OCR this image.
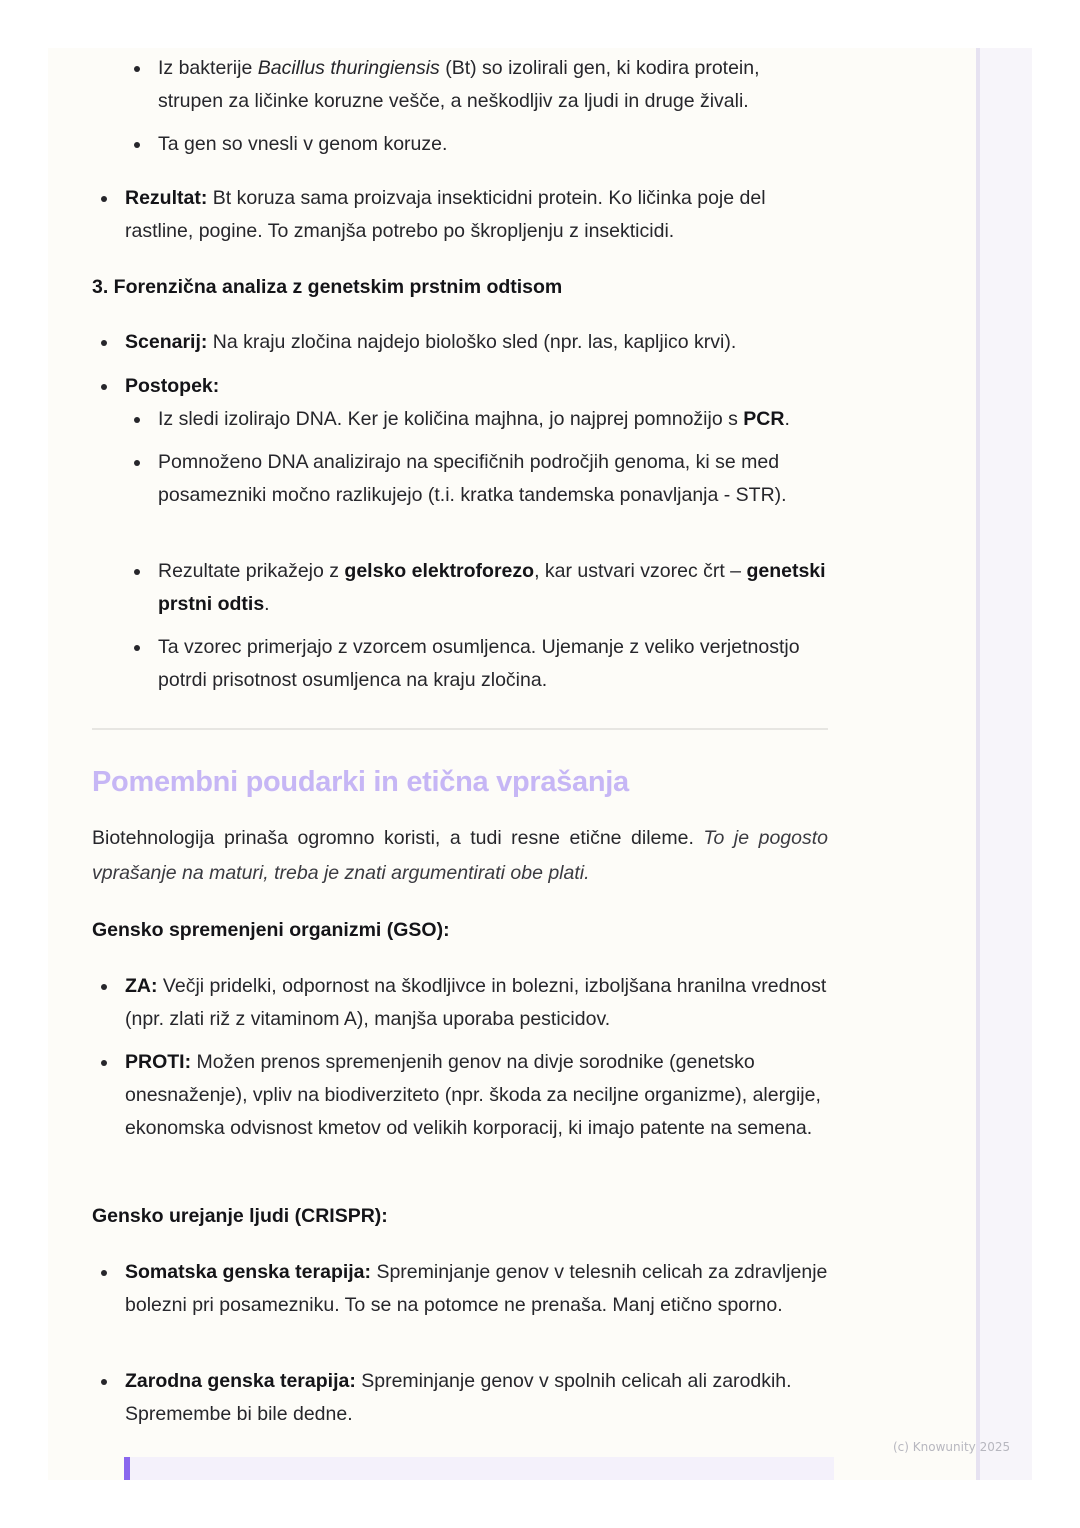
Iz bakterije Bacillus thuringiensis (Bt) so izolirali gen, ki kodira protein, strupen za ličinke koruzne vešče, a neškodljiv za ljudi in druge živali.
Ta gen so vnesli v genom koruze.
Rezultat: Bt koruza sama proizvaja insekticidni protein. Ko ličinka poje del rastline, pogine. To zmanjša potrebo po škropljenju z insekticidi.
3. Forenzična analiza z genetskim prstnim odtisom
Scenarij: Na kraju zločina najdejo biološko sled (npr. las, kapljico krvi).
Postopek:
Iz sledi izolirajo DNA. Ker je količina majhna, jo najprej pomnožijo s PCR.
Pomnoženo DNA analizirajo na specifičnih področjih genoma, ki se med posamezniki močno razlikujejo (t.i. kratka tandemska ponavljanja - STR).
Rezultate prikažejo z gelsko elektroforezo, kar ustvari vzorec črt – genetski prstni odtis.
Ta vzorec primerjajo z vzorcem osumljenca. Ujemanje z veliko verjetnostjo potrdi prisotnost osumljenca na kraju zločina.
Pomembni poudarki in etična vprašanja
Biotehnologija prinaša ogromno koristi, a tudi resne etične dileme. To je pogosto vprašanje na maturi, treba je znati argumentirati obe plati.
Gensko spremenjeni organizmi (GSO):
ZA: Večji pridelki, odpornost na škodljivce in bolezni, izboljšana hranilna vrednost (npr. zlati riž z vitaminom A), manjša uporaba pesticidov.
PROTI: Možen prenos spremenjenih genov na divje sorodnike (genetsko onesnaženje), vpliv na biodiverziteto (npr. škoda za neciljne organizme), alergije, ekonomska odvisnost kmetov od velikih korporacij, ki imajo patente na semena.
Gensko urejanje ljudi (CRISPR):
Somatska genska terapija: Spreminjanje genov v telesnih celicah za zdravljenje bolezni pri posamezniku. To se na potomce ne prenaša. Manj etično sporno.
Zarodna genska terapija: Spreminjanje genov v spolnih celicah ali zarodkih. Spremembe bi bile dedne.
(c) Knowunity 2025
